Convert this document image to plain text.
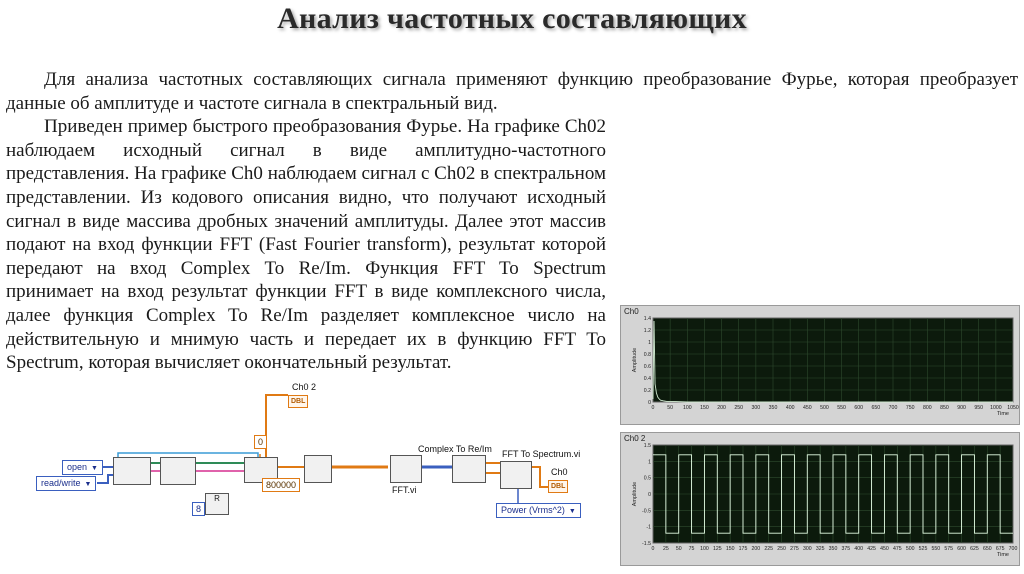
Анализ частотных составляющих

Для анализа частотных составляющих сигнала применяют функцию преобразование Фурье, которая преобразует данные об амплитуде и частоте сигнала в спектральный вид.

Приведен пример быстрого преобразования Фурье. На графике Ch02 наблюдаем исходный сигнал в виде амплитудно-частотного представления. На графике Ch0 наблюдаем сигнал с Ch02 в спектральном представлении. Из кодового описания видно, что получают исходный сигнал в виде массива дробных значений амплитуды. Далее этот массив подают на вход функции FFT (Fast Fourier transform), результат которой передают на вход Complex To Re/Im. Функция FFT To Spectrum принимает на вход результат функции FFT в виде комплексного числа, далее функция Complex To Re/Im разделяет комплексное число на действительную и мнимую часть и передает их в функцию FFT To Spectrum, которая вычисляет окончательный результат.

Ch0
0 50 100 150 200 250 300 350 400 450 500 550 600 650 700 750 800 850 900 950 1000 1050
1.4
1.2
1
0.8
0.6
0.4
0.2
0
Amplitude
Time
Ch0 2
0 25 50 75 100 125 150 175 200 225 250 275 300 325 350 375 400 425 450 475 500 525 550 575 600 625 650 675 700
1.5
1
0.5
0
-0.5
-1
-1.5
Amplitude
Time
open ▼
read/write ▼
R
8
0
800000
Ch0 2
DBL
Complex To Re/Im
FFT.vi
FFT To Spectrum.vi
Ch0
DBL
Power (Vrms^2) ▼
